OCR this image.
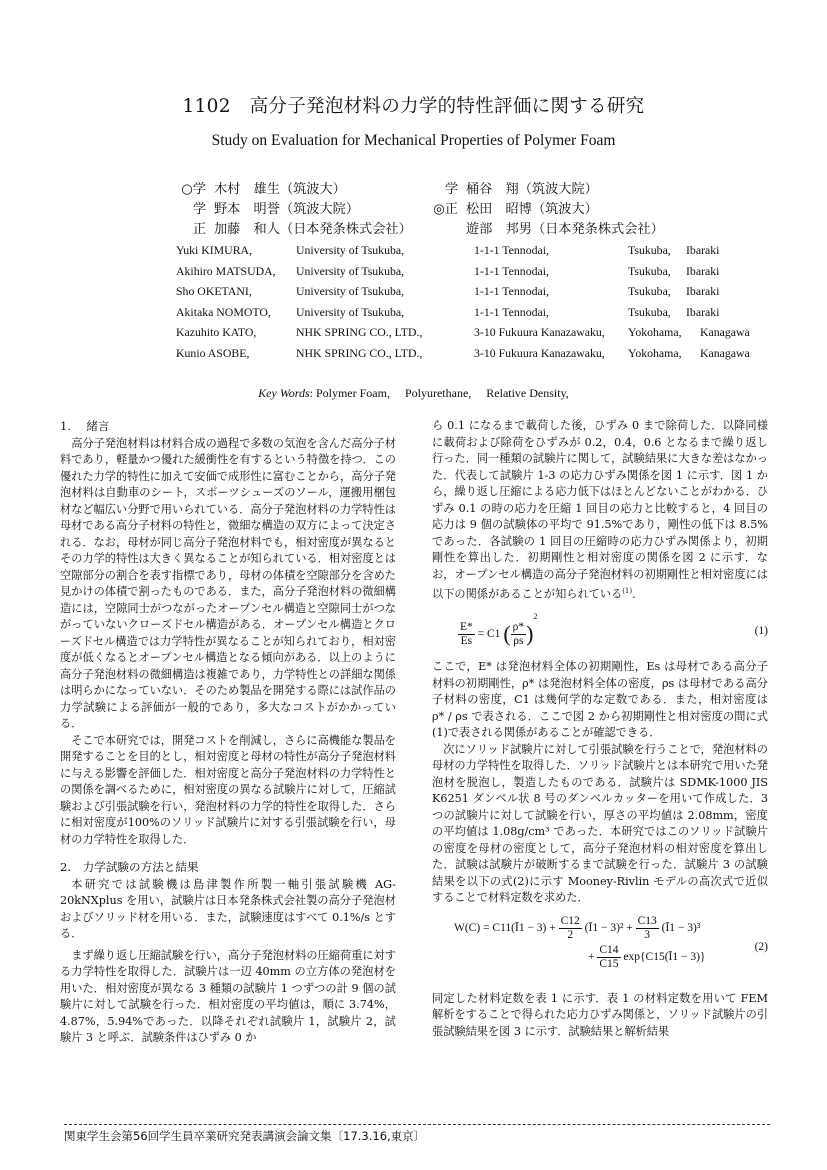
1102　高分子発泡材料の力学的特性評価に関する研究
Study on Evaluation for Mechanical Properties of Polymer Foam
○学 木村　雄生（筑波大）
学 野本　明誉（筑波大院）
正 加藤　和人（日本発条株式会社）
学 桶谷　翔（筑波大院）
◎正 松田　昭博（筑波大）
遊部　邦男（日本発条株式会社）
Yuki KIMURA,	University of Tsukuba,	1-1-1 Tennodai,	Tsukuba, Ibaraki
Akihiro MATSUDA, University of Tsukuba,	1-1-1 Tennodai,	Tsukuba, Ibaraki
Sho OKETANI,	University of Tsukuba,	1-1-1 Tennodai,	Tsukuba, Ibaraki
Akitaka NOMOTO, University of Tsukuba,	1-1-1 Tennodai,	Tsukuba, Ibaraki
Kazuhito KATO,	NHK SPRING CO., LTD.,	3-10 Fukuura Kanazawaku, Yokohama, Kanagawa
Kunio ASOBE,	NHK SPRING CO., LTD.,	3-10 Fukuura Kanazawaku, Yokohama, Kanagawa
Key Words: Polymer Foam,　 Polyurethane,　 Relative Density,

1.　 緒言

高分子発泡材料は材料合成の過程で多数の気泡を含んだ高分子材料であり，軽量かつ優れた緩衝性を有するという特徴を持つ．この優れた力学的特性に加えて安価で成形性に富むことから，高分子発泡材料は自動車のシート，スポーツシューズのソール，運搬用梱包材など幅広い分野で用いられている．高分子発泡材料の力学特性は母材である高分子材料の特性と，微細な構造の双方によって決定される．なお，母材が同じ高分子発泡材料でも，相対密度が異なるとその力学的特性は大きく異なることが知られている．相対密度とは空隙部分の割合を表す指標であり，母材の体積を空隙部分を含めた見かけの体積で割ったものである．また，高分子発泡材料の微細構造には，空隙同士がつながったオープンセル構造と空隙同士がつながっていないクローズドセル構造がある．オープンセル構造とクローズドセル構造では力学特性が異なることが知られており，相対密度が低くなるとオープンセル構造となる傾向がある．以上のように高分子発泡材料の微細構造は複雑であり，力学特性との詳細な関係は明らかになっていない．そのため製品を開発する際には試作品の力学試験による評価が一般的であり，多大なコストがかかっている．

そこで本研究では，開発コストを削減し，さらに高機能な製品を開発することを目的とし，相対密度と母材の特性が高分子発泡材料に与える影響を評価した．相対密度と高分子発泡材料の力学特性との関係を調べるために，相対密度の異なる試験片に対して，圧縮試験および引張試験を行い，発泡材料の力学的特性を取得した．さらに相対密度が100%のソリッド試験片に対する引張試験を行い，母材の力学特性を取得した．

2.　力学試験の方法と結果

本研究では試験機は島津製作所製一軸引張試験機 AG-20kNXplus を用い，試験片は日本発条株式会社製の高分子発泡材およびソリッド材を用いる．また，試験速度はすべて 0.1%/s とする．

まず繰り返し圧縮試験を行い，高分子発泡材料の圧縮荷重に対する力学特性を取得した．試験片は一辺 40mm の立方体の発泡材を用いた．相対密度が異なる 3 種類の試験片 1 つずつの計 9 個の試験片に対して試験を行った．相対密度の平均値は，順に 3.74%，4.87%，5.94%であった．以降それぞれ試験片 1，試験片 2，試験片 3 と呼ぶ．試験条件はひずみ 0 か

ら 0.1 になるまで載荷した後，ひずみ 0 まで除荷した．以降同様に載荷および除荷をひずみが 0.2，0.4，0.6 となるまで繰り返し行った．同一種類の試験片に関して，試験結果に大きな差はなかった．代表して試験片 1-3 の応力ひずみ関係を図 1 に示す．図 1 から，繰り返し圧縮による応力低下はほとんどないことがわかる．ひずみ 0.1 の時の応力を圧縮 1 回目の応力と比較すると，4 回目の応力は 9 個の試験体の平均で 91.5%であり，剛性の低下は 8.5%であった．各試験の 1 回目の圧縮時の応力ひずみ関係より，初期剛性を算出した．初期剛性と相対密度の関係を図 2 に示す．なお，オープンセル構造の高分子発泡材料の初期剛性と相対密度には以下の関係があることが知られている$^{(1)}$．

$\frac{E*}{Es} = C1$ ( $\frac{\rho*}{\rho s} )^2$
(1)

ここで，E* は発泡材料全体の初期剛性，Es は母材である高分子材料の初期剛性，ρ* は発泡材料全体の密度，ρs は母材である高分子材料の密度，C1 は幾何学的な定数である．また，相対密度は ρ* / ρs で表される．ここで図 2 から初期剛性と相対密度の間に式(1)で表される関係があることが確認できる．

次にソリッド試験片に対して引張試験を行うことで，発泡材料の母材の力学特性を取得した．ソリッド試験片とは本研究で用いた発泡材を脱泡し，製造したものである．試験片は SDMK-1000 JIS K6251 ダンベル状 8 号のダンベルカッターを用いて作成した．3 つの試験片に対して試験を行い，厚さの平均値は 2.08mm，密度の平均値は 1.08g/cm³ であった．本研究ではこのソリッド試験片の密度を母材の密度として，高分子発泡材料の相対密度を算出した．試験は試験片が破断するまで試験を行った．試験片 3 の試験結果を以下の式(2)に示す Mooney-Rivlin モデルの高次式で近似することで材料定数を求めた．

W(C) = C11(Ī1 − $3) + \frac{C12}{2}$ (Ī1 − $3)^2 + \frac{C13}{3}$ (Ī1 − 3)³
+ $\frac{C14}{C15}$ exp{C15(Ī1 − 3)}
(2)

同定した材料定数を表 1 に示す．表 1 の材料定数を用いて FEM 解析をすることで得られた応力ひずみ関係と，ソリッド試験片の引張試験結果を図 3 に示す．試験結果と解析結果

関東学生会第56回学生員卒業研究発表講演会論文集〔17.3.16,東京〕
